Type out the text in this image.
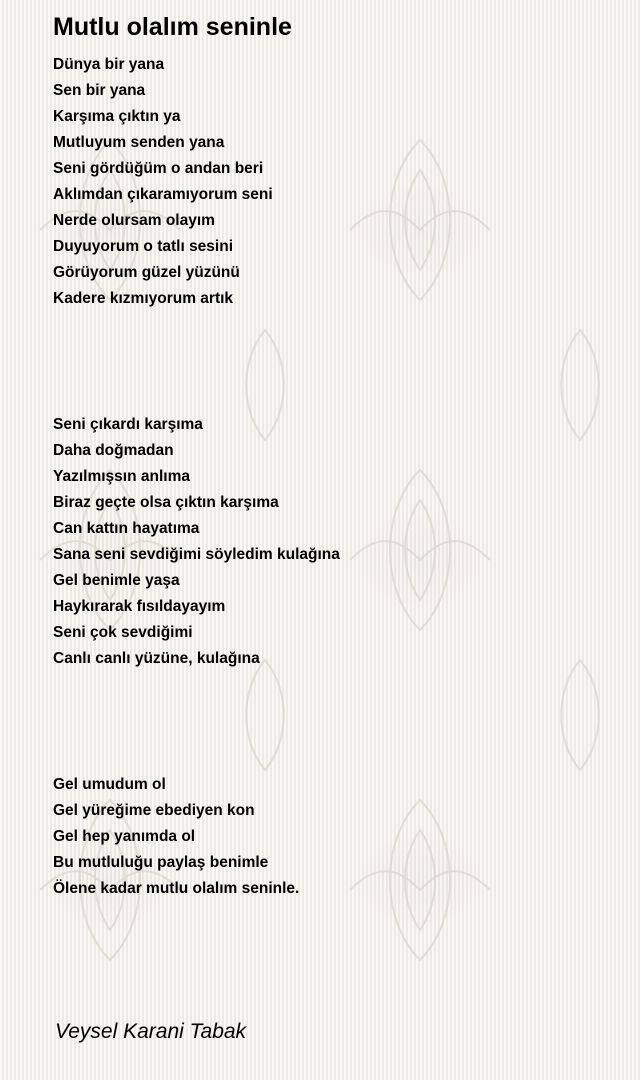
Mutlu olalım seninle
Dünya bir yana
Sen bir yana
Karşıma çıktın ya
Mutluyum senden yana
Seni gördüğüm o andan beri
Aklımdan çıkaramıyorum seni
Nerde olursam olayım
Duyuyorum o tatlı sesini
Görüyorum güzel yüzünü
Kadere kızmıyorum artık
Seni çıkardı karşıma
Daha doğmadan
Yazılmışsın anlıma
Biraz geçte olsa çıktın karşıma
Can kattın hayatıma
Sana seni sevdiğimi söyledim kulağına
Gel benimle yaşa
Haykırarak fısıldayayım
Seni çok sevdiğimi
Canlı canlı yüzüne, kulağına
Gel umudum ol
Gel yüreğime ebediyen kon
Gel hep yanımda ol
Bu mutluluğu paylaş benimle
Ölene kadar mutlu olalım seninle.

Veysel Karani Tabak
